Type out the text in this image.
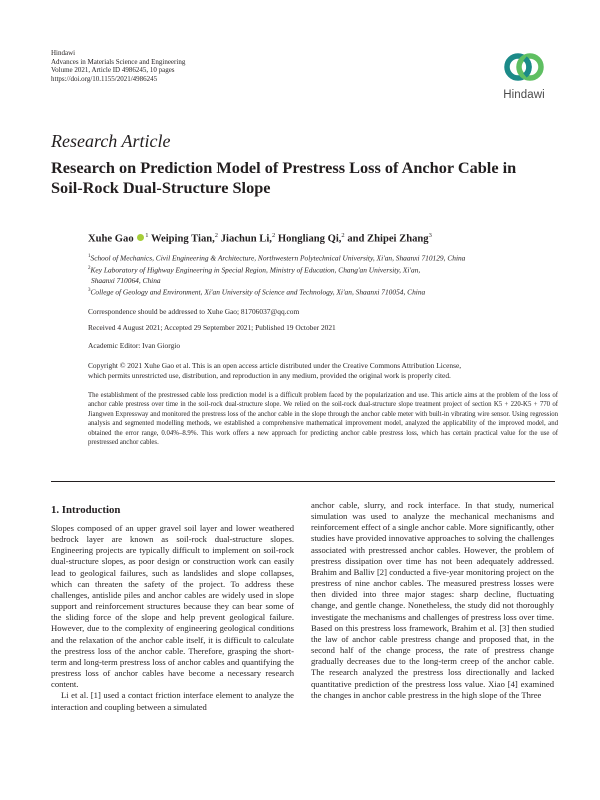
Hindawi
Advances in Materials Science and Engineering
Volume 2021, Article ID 4986245, 10 pages
https://doi.org/10.1155/2021/4986245
Hindawi
Research Article
Research on Prediction Model of Prestress Loss of Anchor Cable in
Soil-Rock Dual-Structure Slope
Xuhe Gao $^1$ Weiping Tian,$^2$ Jiachun Li,$^2$ Hongliang Qi,$^2$ and Zhipei Zhang$^3$
$^1$School of Mechanics, Civil Engineering & Architecture, Northwestern Polytechnical University, Xi'an, Shaanxi 710129, China
$^2$Key Laboratory of Highway Engineering in Special Region, Ministry of Education, Chang'an University, Xi'an,
Shaanxi 710064, China
$^3$College of Geology and Environment, Xi'an University of Science and Technology, Xi'an, Shaanxi 710054, China
Correspondence should be addressed to Xuhe Gao; 81706037@qq.com
Received 4 August 2021; Accepted 29 September 2021; Published 19 October 2021
Academic Editor: Ivan Giorgio
Copyright © 2021 Xuhe Gao et al. This is an open access article distributed under the Creative Commons Attribution License,
which permits unrestricted use, distribution, and reproduction in any medium, provided the original work is properly cited.
The establishment of the prestressed cable loss prediction model is a difficult problem faced by the popularization and use. This article aims at the problem of the loss of anchor cable prestress over time in the soil-rock dual-structure slope. We relied on the soil-rock dual-structure slope treatment project of section K5 + 220-K5 + 770 of Jiangwen Expressway and monitored the prestress loss of the anchor cable in the slope through the anchor cable meter with built-in vibrating wire sensor. Using regression analysis and segmented modelling methods, we established a comprehensive mathematical improvement model, analyzed the applicability of the improved model, and obtained the error range, 0.04%–8.9%. This work offers a new approach for predicting anchor cable prestress loss, which has certain practical value for the use of prestressed anchor cables.
1. Introduction

Slopes composed of an upper gravel soil layer and lower weathered bedrock layer are known as soil-rock dual-structure slopes. Engineering projects are typically difficult to implement on soil-rock dual-structure slopes, as poor design or construction work can easily lead to geological failures, such as landslides and slope collapses, which can threaten the safety of the project. To address these challenges, antislide piles and anchor cables are widely used in slope support and reinforcement structures because they can bear some of the sliding force of the slope and help prevent geological failure. However, due to the complexity of engineering geological conditions and the relaxation of the anchor cable itself, it is difficult to calculate the prestress loss of the anchor cable. Therefore, grasping the short-term and long-term prestress loss of anchor cables and quantifying the prestress loss of anchor cables have become a necessary research content.

Li et al. [1] used a contact friction interface element to analyze the interaction and coupling between a simulated

anchor cable, slurry, and rock interface. In that study, numerical simulation was used to analyze the mechanical mechanisms and reinforcement effect of a single anchor cable. More significantly, other studies have provided innovative approaches to solving the challenges associated with prestressed anchor cables. However, the problem of prestress dissipation over time has not been adequately addressed. Brahim and Balliv [2] conducted a five-year monitoring project on the prestress of nine anchor cables. The measured prestress losses were then divided into three major stages: sharp decline, fluctuating change, and gentle change. Nonetheless, the study did not thoroughly investigate the mechanisms and challenges of prestress loss over time. Based on this prestress loss framework, Brahim et al. [3] then studied the law of anchor cable prestress change and proposed that, in the second half of the change process, the rate of prestress change gradually decreases due to the long-term creep of the anchor cable. The research analyzed the prestress loss directionally and lacked quantitative prediction of the prestress loss value. Xiao [4] examined the changes in anchor cable prestress in the high slope of the Three
